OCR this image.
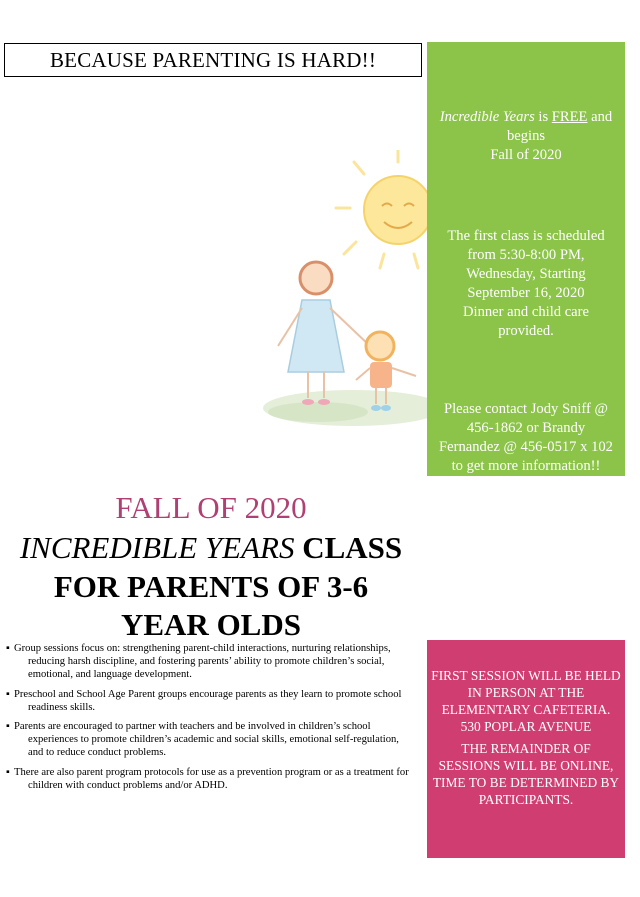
BECAUSE PARENTING IS HARD!!
Incredible Years is FREE and
begins
Fall of 2020
The first class is scheduled
from 5:30-8:00 PM,
Wednesday, Starting
September 16, 2020
Dinner and child care
provided.
Please contact Jody Sniff @
456-1862 or Brandy
Fernandez @ 456-0517 x 102
to get more information!!
FALL OF 2020
INCREDIBLE YEARS CLASS
FOR PARENTS OF 3-6
YEAR OLDS
▪ Group sessions focus on: strengthening parent-child interactions, nurturing relationships, reducing harsh discipline, and fostering parents’ ability to promote children’s social, emotional, and language development.
▪ Preschool and School Age Parent groups encourage parents as they learn to promote school readiness skills.
▪ Parents are encouraged to partner with teachers and be involved in children’s school experiences to promote children’s academic and social skills, emotional self-regulation, and to reduce conduct problems.
▪ There are also parent program protocols for use as a prevention program or as a treatment for children with conduct problems and/or ADHD.
FIRST SESSION WILL BE HELD IN PERSON AT THE ELEMENTARY CAFETERIA.
530 POPLAR AVENUE
THE REMAINDER OF SESSIONS WILL BE ONLINE, TIME TO BE DETERMINED BY PARTICIPANTS.
